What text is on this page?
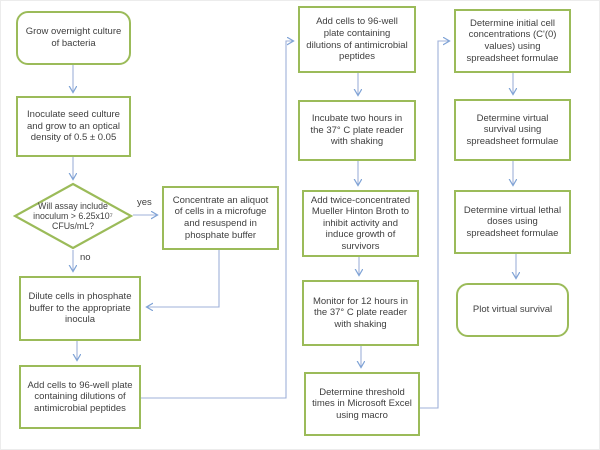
Grow overnight culture of bacteria
Inoculate seed culture and grow to an optical density of 0.5 ± 0.05
Will assay include inoculum > 6.25x10⁷ CFUs/mL?
yes
no
Concentrate an aliquot of cells in a microfuge and resuspend in phosphate buffer
Dilute cells in phosphate buffer to the appropriate inocula
Add cells to 96-well plate containing dilutions of antimicrobial peptides
Add cells to 96-well plate containing dilutions of antimicrobial peptides
Incubate two hours in the 37° C plate reader with shaking
Add twice-concentrated Mueller Hinton Broth to inhibit activity and induce growth of survivors
Monitor for 12 hours in the 37° C plate reader with shaking
Determine threshold times in Microsoft Excel using macro
Determine initial cell concentrations (C'(0) values) using spreadsheet formulae
Determine virtual survival using spreadsheet formulae
Determine virtual lethal doses using spreadsheet formulae
Plot virtual survival
